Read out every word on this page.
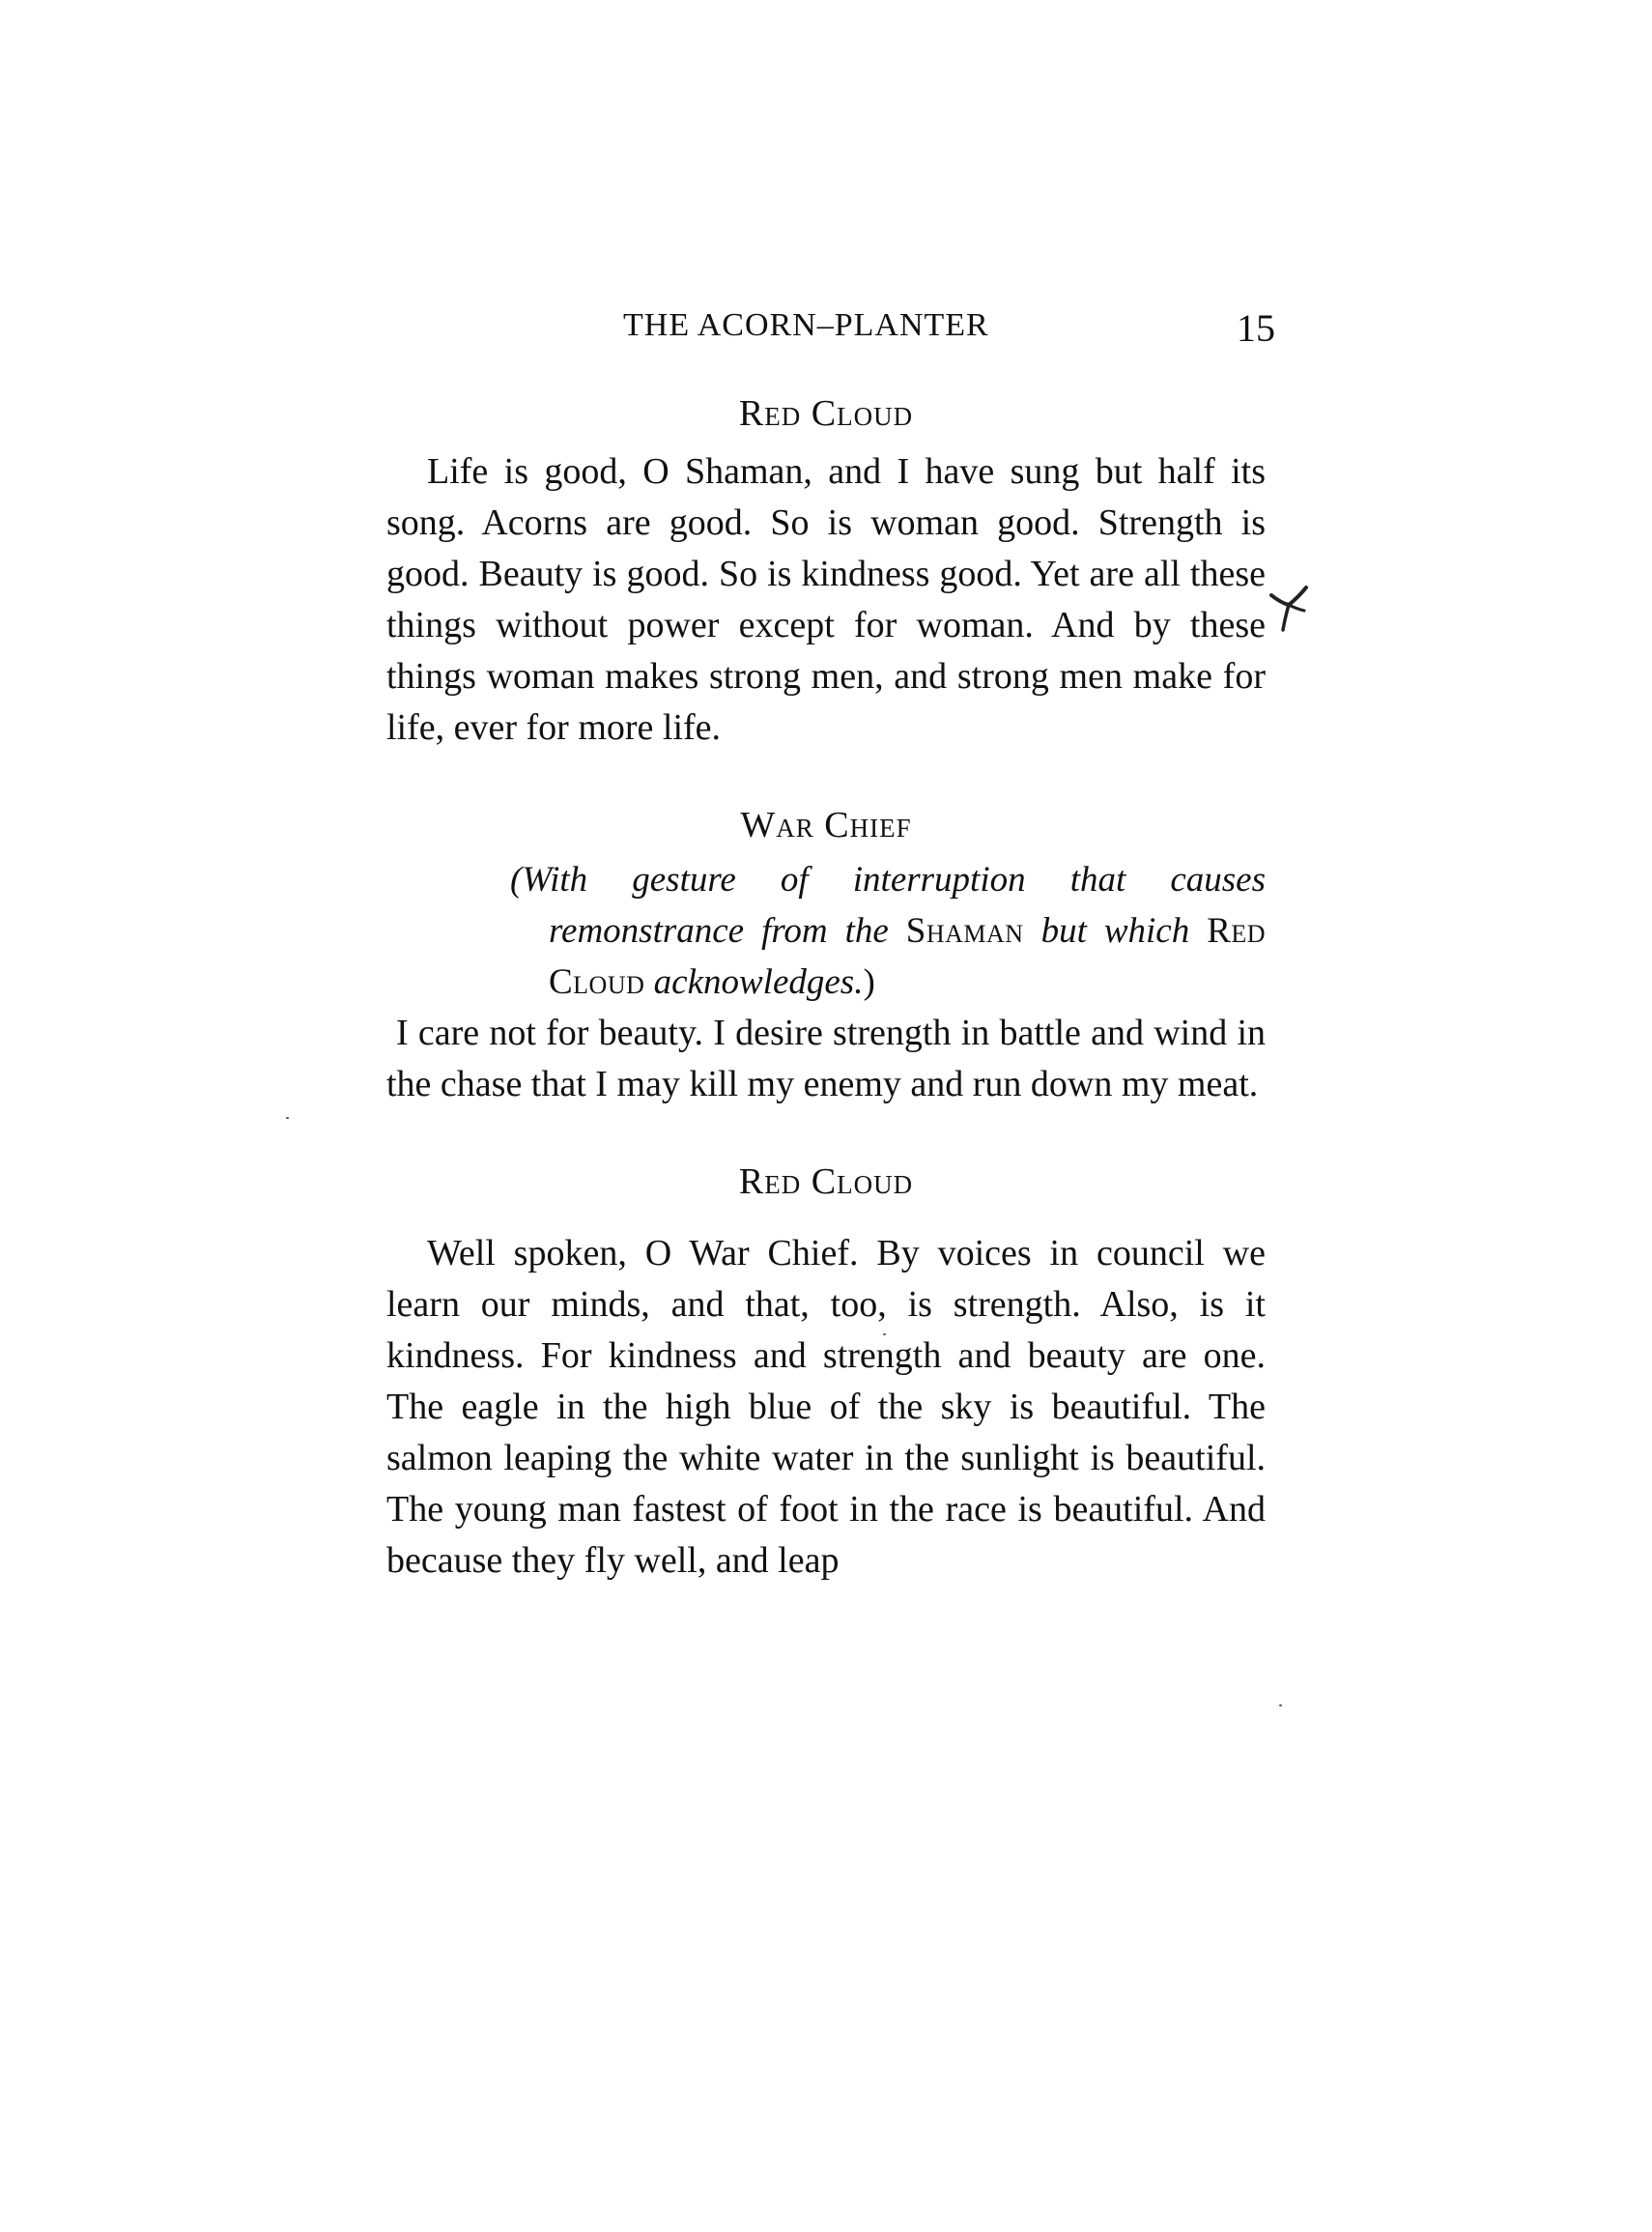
THE ACORN–PLANTER	15

Red Cloud

Life is good, O Shaman, and I have sung but half its song. Acorns are good. So is woman good. Strength is good. Beauty is good. So is kindness good. Yet are all these things without power except for woman. And by these things woman makes strong men, and strong men make for life, ever for more life.

War Chief

(With gesture of interruption that causes remonstrance from the Shaman but which Red Cloud acknowledges.)

I care not for beauty. I desire strength in battle and wind in the chase that I may kill my enemy and run down my meat.

Red Cloud

Well spoken, O War Chief. By voices in council we learn our minds, and that, too, is strength. Also, is it kindness. For kindness and strength and beauty are one. The eagle in the high blue of the sky is beautiful. The salmon leaping the white water in the sunlight is beautiful. The young man fastest of foot in the race is beautiful. And because they fly well, and leap
